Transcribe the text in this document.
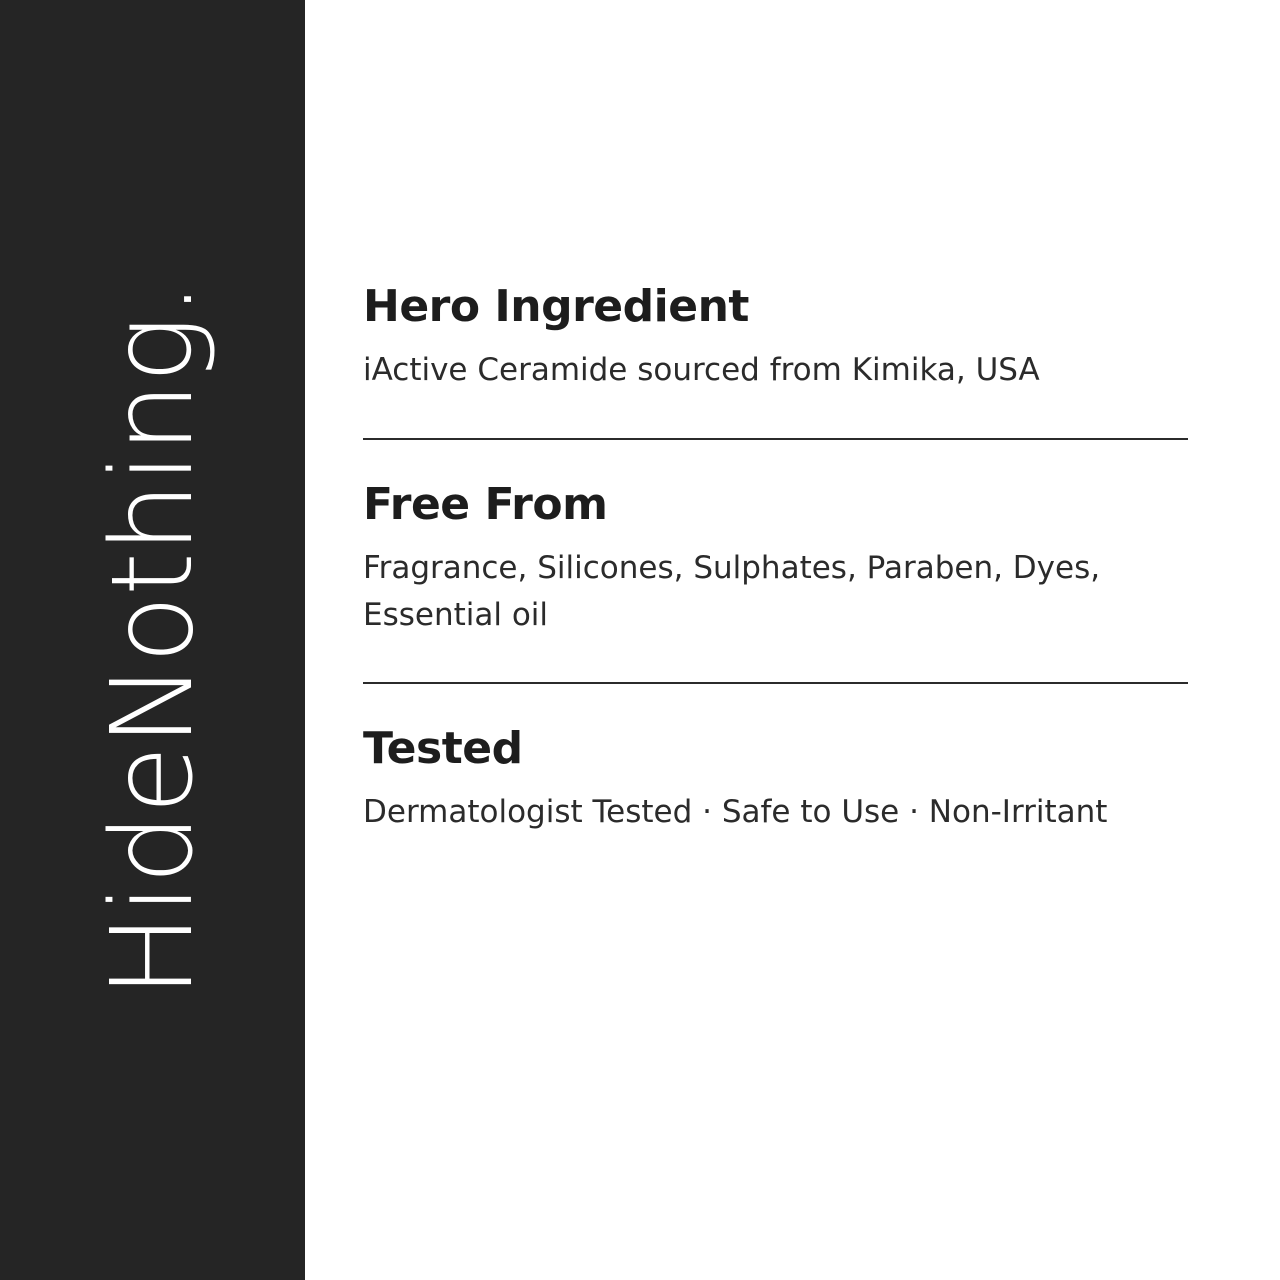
HideNothing.	Hero Ingredient

iActive Ceramide sourced from Kimika, USA

Free From

Fragrance, Silicones, Sulphates, Paraben, Dyes, Essential oil

Tested

Dermatologist Tested · Safe to Use · Non-Irritant
